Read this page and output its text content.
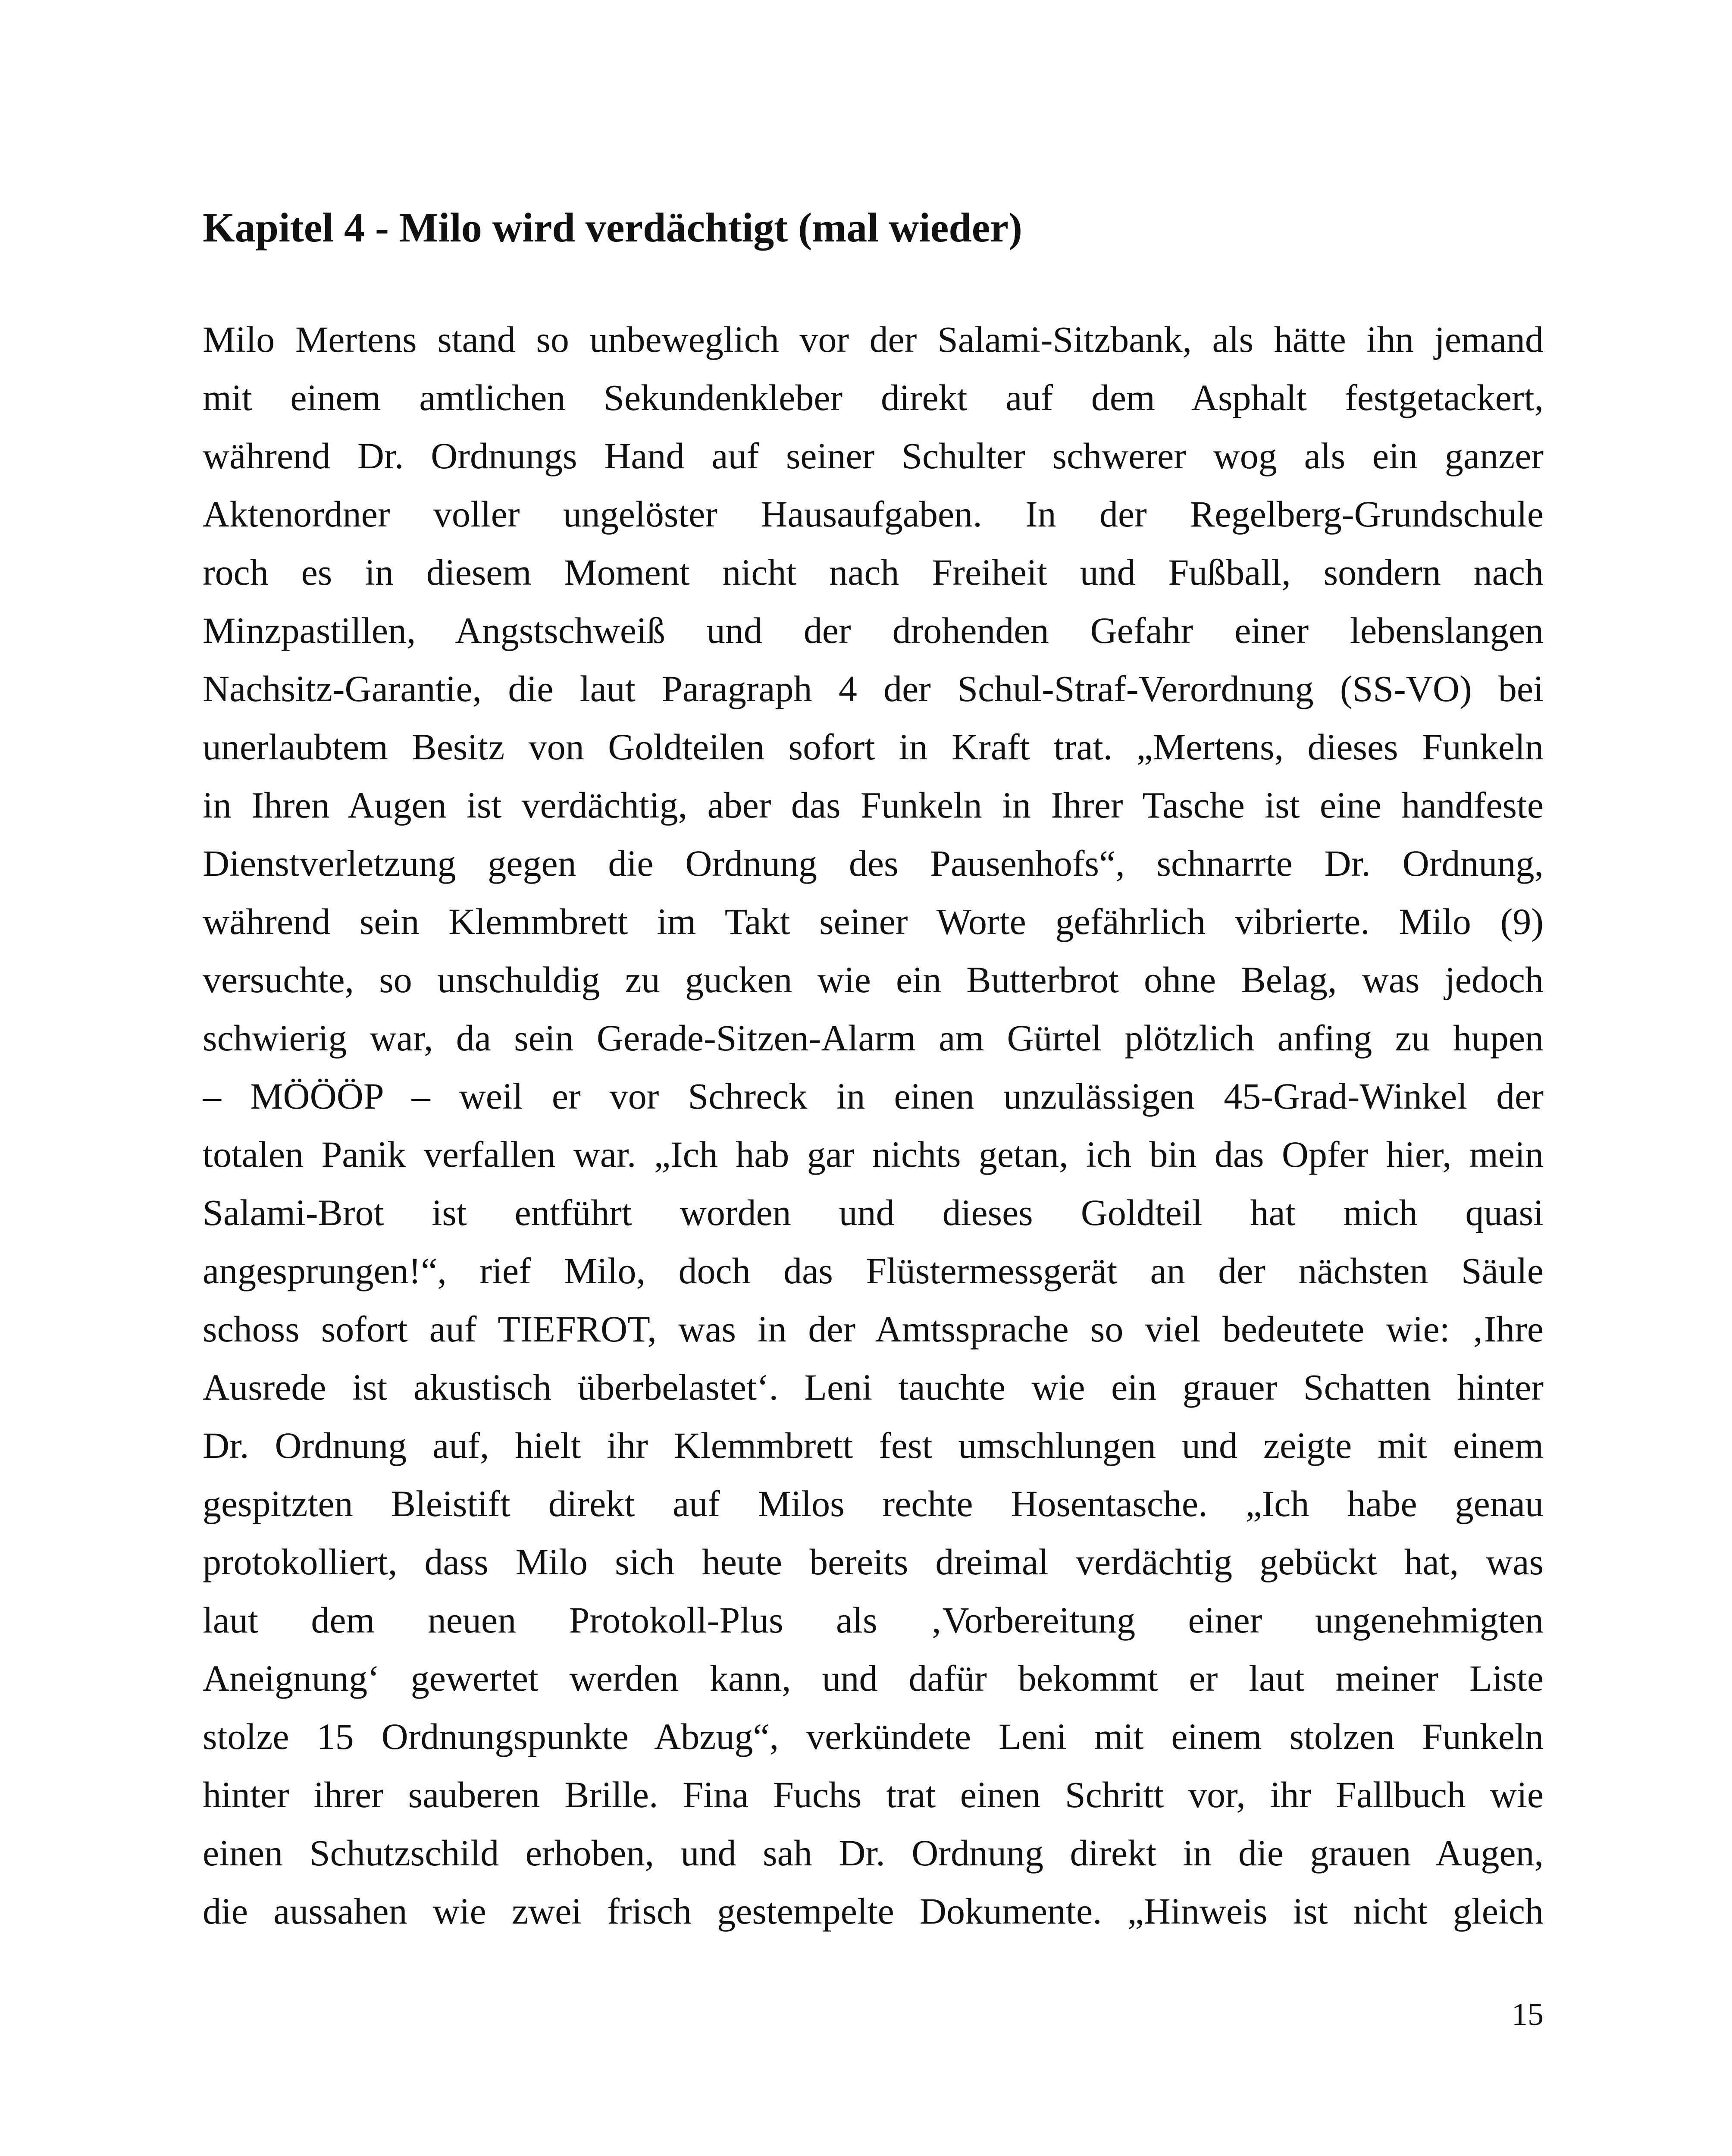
Kapitel 4 - Milo wird verdächtigt (mal wieder)
Milo Mertens stand so unbeweglich vor der Salami-Sitzbank, als hätte ihn jemand
mit einem amtlichen Sekundenkleber direkt auf dem Asphalt festgetackert,
während Dr. Ordnungs Hand auf seiner Schulter schwerer wog als ein ganzer
Aktenordner voller ungelöster Hausaufgaben. In der Regelberg-Grundschule
roch es in diesem Moment nicht nach Freiheit und Fußball, sondern nach
Minzpastillen, Angstschweiß und der drohenden Gefahr einer lebenslangen
Nachsitz-Garantie, die laut Paragraph 4 der Schul-Straf-Verordnung (SS-VO) bei
unerlaubtem Besitz von Goldteilen sofort in Kraft trat. „Mertens, dieses Funkeln
in Ihren Augen ist verdächtig, aber das Funkeln in Ihrer Tasche ist eine handfeste
Dienstverletzung gegen die Ordnung des Pausenhofs“, schnarrte Dr. Ordnung,
während sein Klemmbrett im Takt seiner Worte gefährlich vibrierte. Milo (9)
versuchte, so unschuldig zu gucken wie ein Butterbrot ohne Belag, was jedoch
schwierig war, da sein Gerade-Sitzen-Alarm am Gürtel plötzlich anfing zu hupen
– MÖÖÖP – weil er vor Schreck in einen unzulässigen 45-Grad-Winkel der
totalen Panik verfallen war. „Ich hab gar nichts getan, ich bin das Opfer hier, mein
Salami-Brot ist entführt worden und dieses Goldteil hat mich quasi
angesprungen!“, rief Milo, doch das Flüstermessgerät an der nächsten Säule
schoss sofort auf TIEFROT, was in der Amtssprache so viel bedeutete wie: ‚Ihre
Ausrede ist akustisch überbelastet‘. Leni tauchte wie ein grauer Schatten hinter
Dr. Ordnung auf, hielt ihr Klemmbrett fest umschlungen und zeigte mit einem
gespitzten Bleistift direkt auf Milos rechte Hosentasche. „Ich habe genau
protokolliert, dass Milo sich heute bereits dreimal verdächtig gebückt hat, was
laut dem neuen Protokoll-Plus als ‚Vorbereitung einer ungenehmigten
Aneignung‘ gewertet werden kann, und dafür bekommt er laut meiner Liste
stolze 15 Ordnungspunkte Abzug“, verkündete Leni mit einem stolzen Funkeln
hinter ihrer sauberen Brille. Fina Fuchs trat einen Schritt vor, ihr Fallbuch wie
einen Schutzschild erhoben, und sah Dr. Ordnung direkt in die grauen Augen,
die aussahen wie zwei frisch gestempelte Dokumente. „Hinweis ist nicht gleich
15
